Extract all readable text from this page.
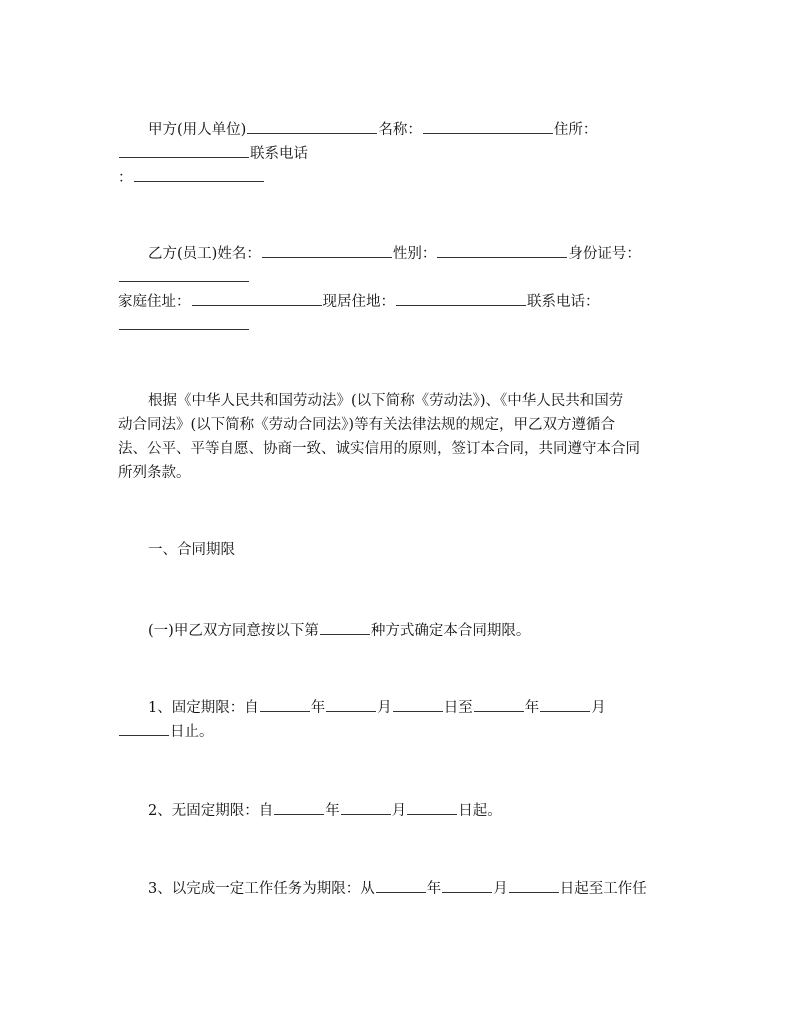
甲方(用人单位)	名称：	住所：
联系电话
：
乙方(员工)姓名：	性别：	身份证号：
家庭住址：	现居住地：	联系电话：
根据《中华人民共和国劳动法》(以下简称《劳动法》)、《中华人民共和国劳
动合同法》(以下简称《劳动合同法》)等有关法律法规的规定，甲乙双方遵循合
法、公平、平等自愿、协商一致、诚实信用的原则，签订本合同，共同遵守本合同
所列条款。
一、合同期限
(一)甲乙双方同意按以下第	种方式确定本合同期限。
1、固定期限：自	年	月	日至	年	月
日止。
2、无固定期限：自	年	月	日起。
3、以完成一定工作任务为期限：从	年	月	日起至工作任
